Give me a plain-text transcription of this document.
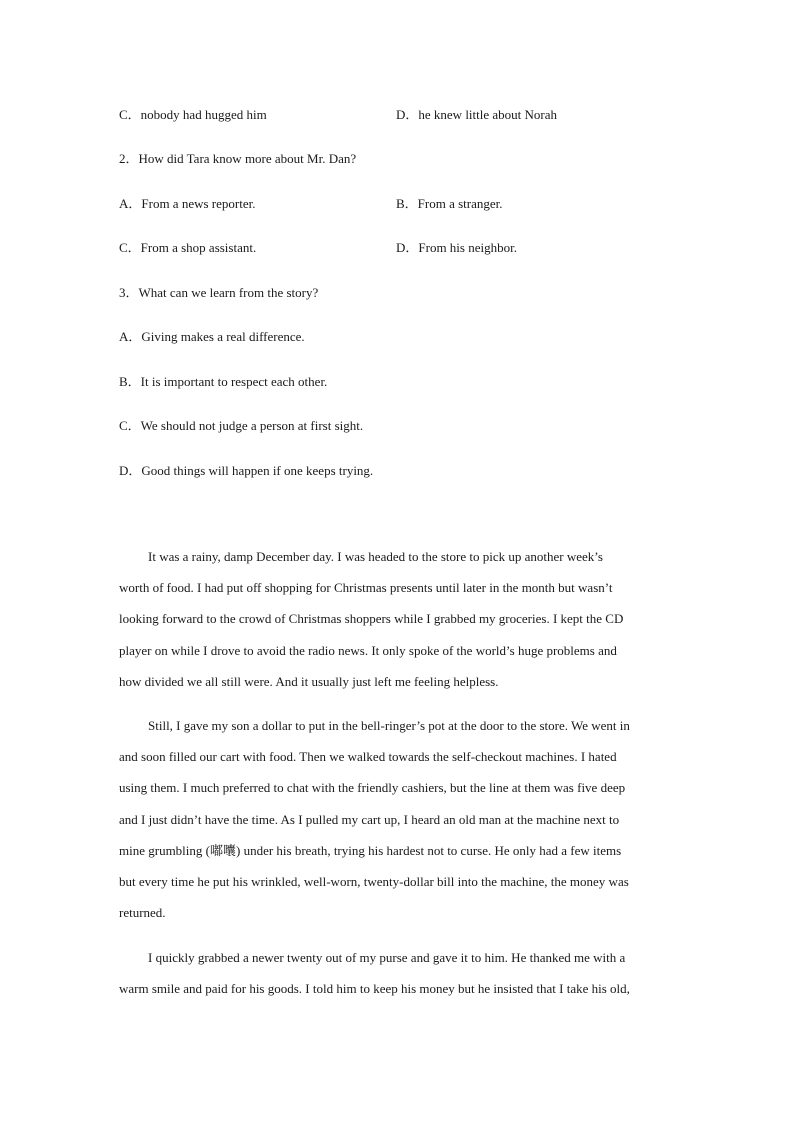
C．nobody had hugged him	D．he knew little about Norah
2．How did Tara know more about Mr. Dan?
A．From a news reporter.	B．From a stranger.
C．From a shop assistant.	D．From his neighbor.
3．What can we learn from the story?
A．Giving makes a real difference.
B．It is important to respect each other.
C．We should not judge a person at first sight.
D．Good things will happen if one keeps trying.

It was a rainy, damp December day. I was headed to the store to pick up another week’s
worth of food. I had put off shopping for Christmas presents until later in the month but wasn’t
looking forward to the crowd of Christmas shoppers while I grabbed my groceries. I kept the CD
player on while I drove to avoid the radio news. It only spoke of the world’s huge problems and
how divided we all still were. And it usually just left me feeling helpless.

Still, I gave my son a dollar to put in the bell-ringer’s pot at the door to the store. We went in
and soon filled our cart with food. Then we walked towards the self-checkout machines. I hated
using them. I much preferred to chat with the friendly cashiers, but the line at them was five deep
and I just didn’t have the time. As I pulled my cart up, I heard an old man at the machine next to
mine grumbling (嘟囔) under his breath, trying his hardest not to curse. He only had a few items
but every time he put his wrinkled, well-worn, twenty-dollar bill into the machine, the money was
returned.

I quickly grabbed a newer twenty out of my purse and gave it to him. He thanked me with a
warm smile and paid for his goods. I told him to keep his money but he insisted that I take his old,
